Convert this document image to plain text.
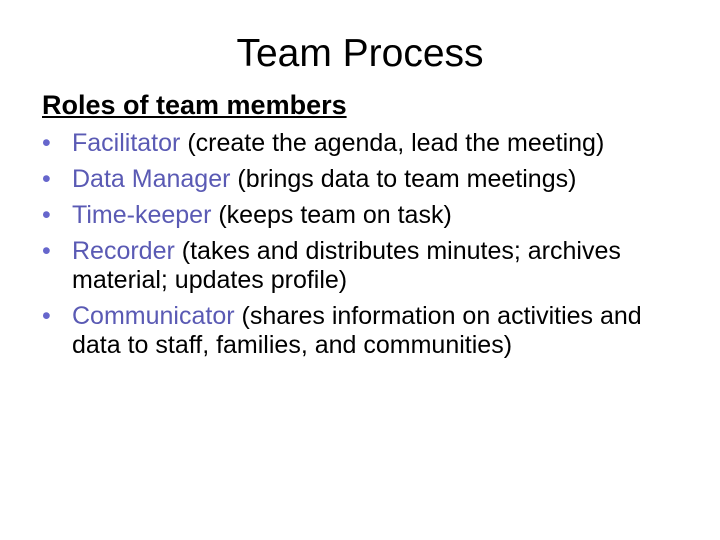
Team Process
Roles of team members
• Facilitator (create the agenda, lead the meeting)
• Data Manager (brings data to team meetings)
• Time-keeper (keeps team on task)
• Recorder (takes and distributes minutes; archives material; updates profile)
• Communicator (shares information on activities and data to staff, families, and communities)
